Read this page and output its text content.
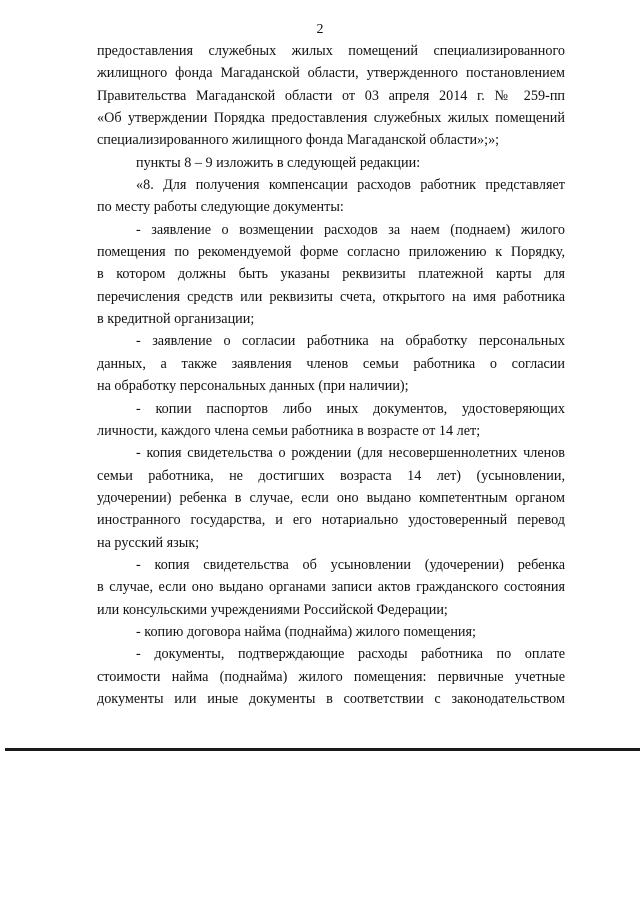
2

предоставления служебных жилых помещений специализированного
жилищного фонда Магаданской области, утвержденного постановлением
Правительства Магаданской области от 03 апреля 2014 г. № 259-пп
«Об утверждении Порядка предоставления служебных жилых помещений
специализированного жилищного фонда Магаданской области»;»;

пункты 8 – 9 изложить в следующей редакции:

«8. Для получения компенсации расходов работник представляет
по месту работы следующие документы:

- заявление о возмещении расходов за наем (поднаем) жилого
помещения по рекомендуемой форме согласно приложению к Порядку,
в котором должны быть указаны реквизиты платежной карты для
перечисления средств или реквизиты счета, открытого на имя работника
в кредитной организации;

- заявление о согласии работника на обработку персональных
данных, а также заявления членов семьи работника о согласии
на обработку персональных данных (при наличии);

- копии паспортов либо иных документов, удостоверяющих
личности, каждого члена семьи работника в возрасте от 14 лет;

- копия свидетельства о рождении (для несовершеннолетних членов
семьи работника, не достигших возраста 14 лет) (усыновлении,
удочерении) ребенка в случае, если оно выдано компетентным органом
иностранного государства, и его нотариально удостоверенный перевод
на русский язык;

- копия свидетельства об усыновлении (удочерении) ребенка
в случае, если оно выдано органами записи актов гражданского состояния
или консульскими учреждениями Российской Федерации;

- копию договора найма (поднайма) жилого помещения;

- документы, подтверждающие расходы работника по оплате
стоимости найма (поднайма) жилого помещения: первичные учетные
документы или иные документы в соответствии с законодательством
